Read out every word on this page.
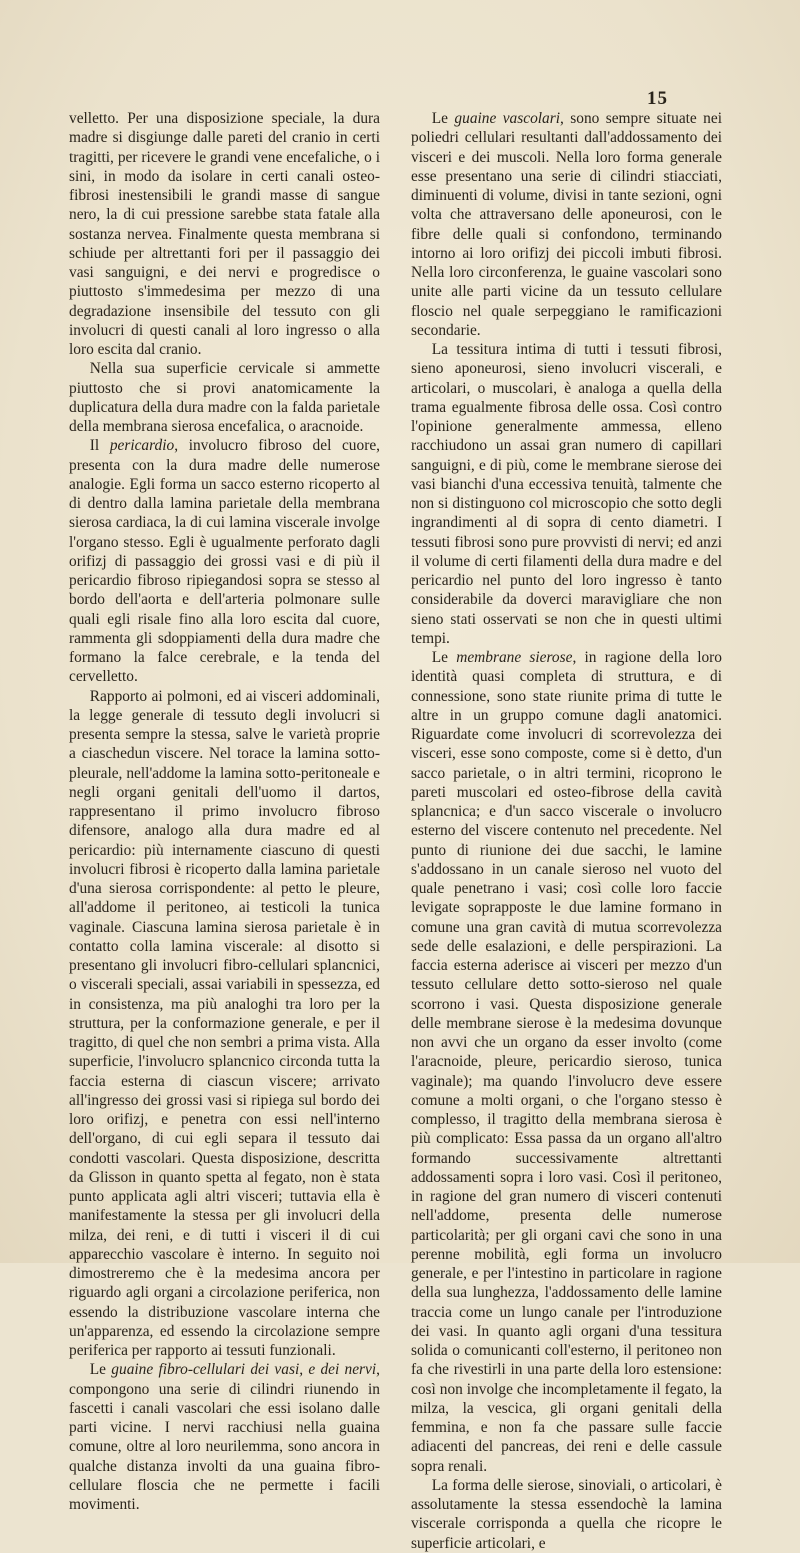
15

velletto. Per una disposizione speciale, la dura madre si disgiunge dalle pareti del cranio in certi tragitti, per ricevere le grandi vene encefaliche, o i sini, in modo da isolare in certi canali osteo-fibrosi inestensibili le grandi masse di sangue nero, la di cui pressione sarebbe stata fatale alla sostanza nervea. Finalmente questa membrana si schiude per altrettanti fori per il passaggio dei vasi sanguigni, e dei nervi e progredisce o piuttosto s'immedesima per mezzo di una degradazione insensibile del tessuto con gli involucri di questi canali al loro ingresso o alla loro escita dal cranio.

Nella sua superficie cervicale si ammette piuttosto che si provi anatomicamente la duplicatura della dura madre con la falda parietale della membrana sierosa encefalica, o aracnoide.

Il pericardio, involucro fibroso del cuore, presenta con la dura madre delle numerose analogie. Egli forma un sacco esterno ricoperto al di dentro dalla lamina parietale della membrana sierosa cardiaca, la di cui lamina viscerale involge l'organo stesso. Egli è ugualmente perforato dagli orifizj di passaggio dei grossi vasi e di più il pericardio fibroso ripiegandosi sopra se stesso al bordo dell'aorta e dell'arteria polmonare sulle quali egli risale fino alla loro escita dal cuore, rammenta gli sdoppiamenti della dura madre che formano la falce cerebrale, e la tenda del cervelletto.

Rapporto ai polmoni, ed ai visceri addominali, la legge generale di tessuto degli involucri si presenta sempre la stessa, salve le varietà proprie a ciaschedun viscere. Nel torace la lamina sotto-pleurale, nell'addome la lamina sotto-peritoneale e negli organi genitali dell'uomo il dartos, rappresentano il primo involucro fibroso difensore, analogo alla dura madre ed al pericardio: più internamente ciascuno di questi involucri fibrosi è ricoperto dalla lamina parietale d'una sierosa corrispondente: al petto le pleure, all'addome il peritoneo, ai testicoli la tunica vaginale. Ciascuna lamina sierosa parietale è in contatto colla lamina viscerale: al disotto si presentano gli involucri fibro-cellulari splancnici, o viscerali speciali, assai variabili in spessezza, ed in consistenza, ma più analoghi tra loro per la struttura, per la conformazione generale, e per il tragitto, di quel che non sembri a prima vista. Alla superficie, l'involucro splancnico circonda tutta la faccia esterna di ciascun viscere; arrivato all'ingresso dei grossi vasi si ripiega sul bordo dei loro orifizj, e penetra con essi nell'interno dell'organo, di cui egli separa il tessuto dai condotti vascolari. Questa disposizione, descritta da Glisson in quanto spetta al fegato, non è stata punto applicata agli altri visceri; tuttavia ella è manifestamente la stessa per gli involucri della milza, dei reni, e di tutti i visceri il di cui apparecchio vascolare è interno. In seguito noi dimostreremo che è la medesima ancora per riguardo agli organi a circolazione periferica, non essendo la distribuzione vascolare interna che un'apparenza, ed essendo la circolazione sempre periferica per rapporto ai tessuti funzionali.

Le guaine fibro-cellulari dei vasi, e dei nervi, compongono una serie di cilindri riunendo in fascetti i canali vascolari che essi isolano dalle parti vicine. I nervi racchiusi nella guaina comune, oltre al loro neurilemma, sono ancora in qualche distanza involti da una guaina fibro-cellulare floscia che ne permette i facili movimenti.

Le guaine vascolari, sono sempre situate nei poliedri cellulari resultanti dall'addossamento dei visceri e dei muscoli. Nella loro forma generale esse presentano una serie di cilindri stiacciati, diminuenti di volume, divisi in tante sezioni, ogni volta che attraversano delle aponeurosi, con le fibre delle quali si confondono, terminando intorno ai loro orifizj dei piccoli imbuti fibrosi. Nella loro circonferenza, le guaine vascolari sono unite alle parti vicine da un tessuto cellulare floscio nel quale serpeggiano le ramificazioni secondarie.

La tessitura intima di tutti i tessuti fibrosi, sieno aponeurosi, sieno involucri viscerali, e articolari, o muscolari, è analoga a quella della trama egualmente fibrosa delle ossa. Così contro l'opinione generalmente ammessa, elleno racchiudono un assai gran numero di capillari sanguigni, e di più, come le membrane sierose dei vasi bianchi d'una eccessiva tenuità, talmente che non si distinguono col microscopio che sotto degli ingrandimenti al di sopra di cento diametri. I tessuti fibrosi sono pure provvisti di nervi; ed anzi il volume di certi filamenti della dura madre e del pericardio nel punto del loro ingresso è tanto considerabile da doverci maravigliare che non sieno stati osservati se non che in questi ultimi tempi.

Le membrane sierose, in ragione della loro identità quasi completa di struttura, e di connessione, sono state riunite prima di tutte le altre in un gruppo comune dagli anatomici. Riguardate come involucri di scorrevolezza dei visceri, esse sono composte, come si è detto, d'un sacco parietale, o in altri termini, ricoprono le pareti muscolari ed osteo-fibrose della cavità splancnica; e d'un sacco viscerale o involucro esterno del viscere contenuto nel precedente. Nel punto di riunione dei due sacchi, le lamine s'addossano in un canale sieroso nel vuoto del quale penetrano i vasi; così colle loro faccie levigate soprapposte le due lamine formano in comune una gran cavità di mutua scorrevolezza sede delle esalazioni, e delle perspirazioni. La faccia esterna aderisce ai visceri per mezzo d'un tessuto cellulare detto sotto-sieroso nel quale scorrono i vasi. Questa disposizione generale delle membrane sierose è la medesima dovunque non avvi che un organo da esser involto (come l'aracnoide, pleure, pericardio sieroso, tunica vaginale); ma quando l'involucro deve essere comune a molti organi, o che l'organo stesso è complesso, il tragitto della membrana sierosa è più complicato: Essa passa da un organo all'altro formando successivamente altrettanti addossamenti sopra i loro vasi. Così il peritoneo, in ragione del gran numero di visceri contenuti nell'addome, presenta delle numerose particolarità; per gli organi cavi che sono in una perenne mobilità, egli forma un involucro generale, e per l'intestino in particolare in ragione della sua lunghezza, l'addossamento delle lamine traccia come un lungo canale per l'introduzione dei vasi. In quanto agli organi d'una tessitura solida o comunicanti coll'esterno, il peritoneo non fa che rivestirli in una parte della loro estensione: così non involge che incompletamente il fegato, la milza, la vescica, gli organi genitali della femmina, e non fa che passare sulle faccie adiacenti del pancreas, dei reni e delle cassule sopra renali.

La forma delle sierose, sinoviali, o articolari, è assolutamente la stessa essendochè la lamina viscerale corrisponda a quella che ricopre le superficie articolari, e
